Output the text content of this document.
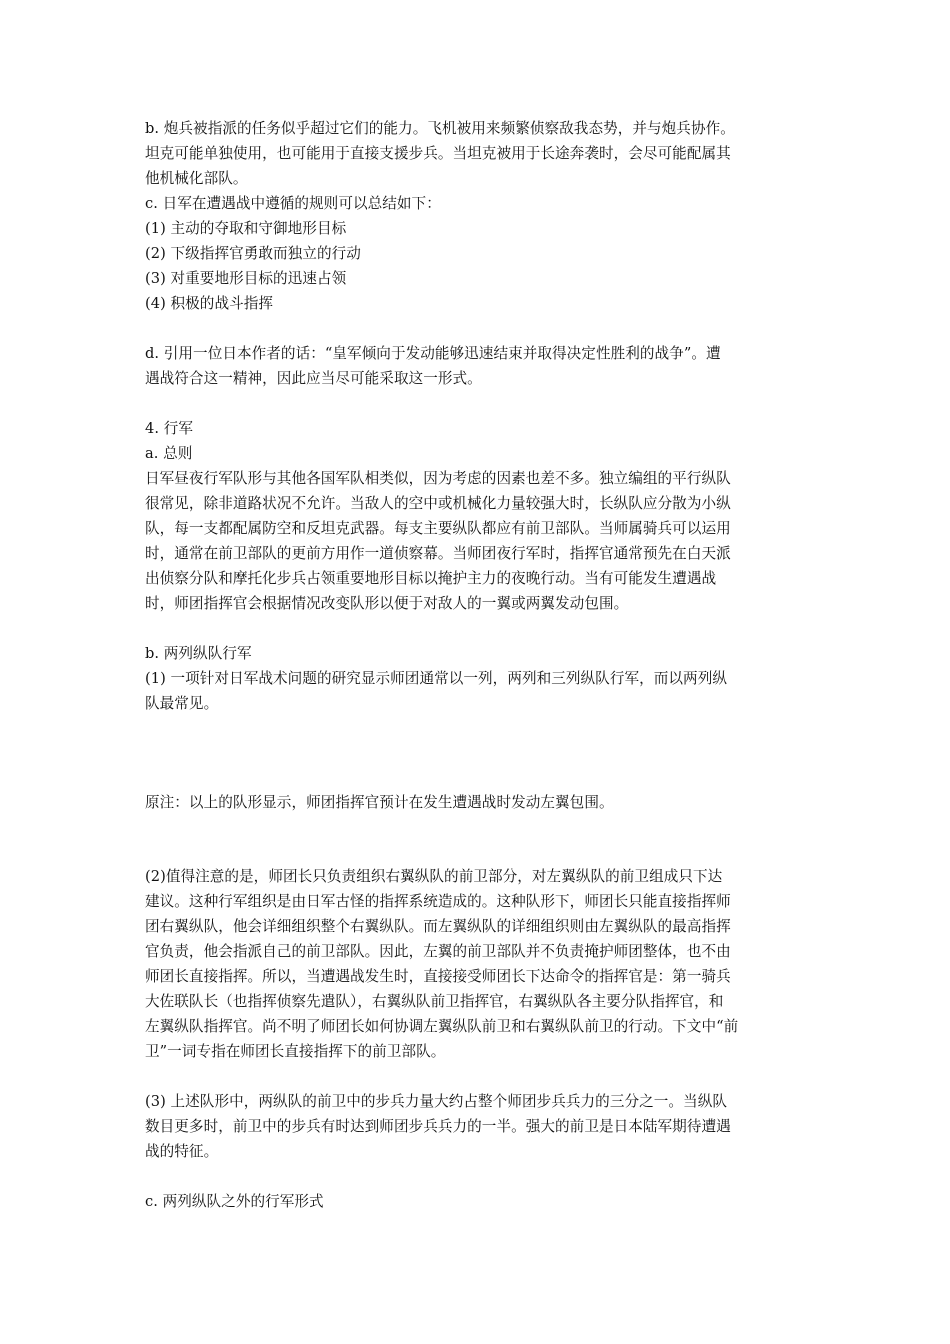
b. 炮兵被指派的任务似乎超过它们的能力。飞机被用来频繁侦察敌我态势，并与炮兵协作。
坦克可能单独使用，也可能用于直接支援步兵。当坦克被用于长途奔袭时，会尽可能配属其
他机械化部队。
c. 日军在遭遇战中遵循的规则可以总结如下：
(1) 主动的夺取和守御地形目标
(2) 下级指挥官勇敢而独立的行动
(3) 对重要地形目标的迅速占领
(4) 积极的战斗指挥
d. 引用一位日本作者的话：“皇军倾向于发动能够迅速结束并取得决定性胜利的战争”。遭
遇战符合这一精神，因此应当尽可能采取这一形式。
4. 行军
a. 总则
日军昼夜行军队形与其他各国军队相类似，因为考虑的因素也差不多。独立编组的平行纵队
很常见，除非道路状况不允许。当敌人的空中或机械化力量较强大时，长纵队应分散为小纵
队，每一支都配属防空和反坦克武器。每支主要纵队都应有前卫部队。当师属骑兵可以运用
时，通常在前卫部队的更前方用作一道侦察幕。当师团夜行军时，指挥官通常预先在白天派
出侦察分队和摩托化步兵占领重要地形目标以掩护主力的夜晚行动。当有可能发生遭遇战
时，师团指挥官会根据情况改变队形以便于对敌人的一翼或两翼发动包围。
b. 两列纵队行军
(1) 一项针对日军战术问题的研究显示师团通常以一列，两列和三列纵队行军，而以两列纵
队最常见。
原注：以上的队形显示，师团指挥官预计在发生遭遇战时发动左翼包围。
(2)值得注意的是，师团长只负责组织右翼纵队的前卫部分，对左翼纵队的前卫组成只下达
建议。这种行军组织是由日军古怪的指挥系统造成的。这种队形下，师团长只能直接指挥师
团右翼纵队，他会详细组织整个右翼纵队。而左翼纵队的详细组织则由左翼纵队的最高指挥
官负责，他会指派自己的前卫部队。因此，左翼的前卫部队并不负责掩护师团整体，也不由
师团长直接指挥。所以，当遭遇战发生时，直接接受师团长下达命令的指挥官是：第一骑兵
大佐联队长（也指挥侦察先遣队），右翼纵队前卫指挥官，右翼纵队各主要分队指挥官，和
左翼纵队指挥官。尚不明了师团长如何协调左翼纵队前卫和右翼纵队前卫的行动。下文中“前
卫”一词专指在师团长直接指挥下的前卫部队。
(3) 上述队形中，两纵队的前卫中的步兵力量大约占整个师团步兵兵力的三分之一。当纵队
数目更多时，前卫中的步兵有时达到师团步兵兵力的一半。强大的前卫是日本陆军期待遭遇
战的特征。
c. 两列纵队之外的行军形式
